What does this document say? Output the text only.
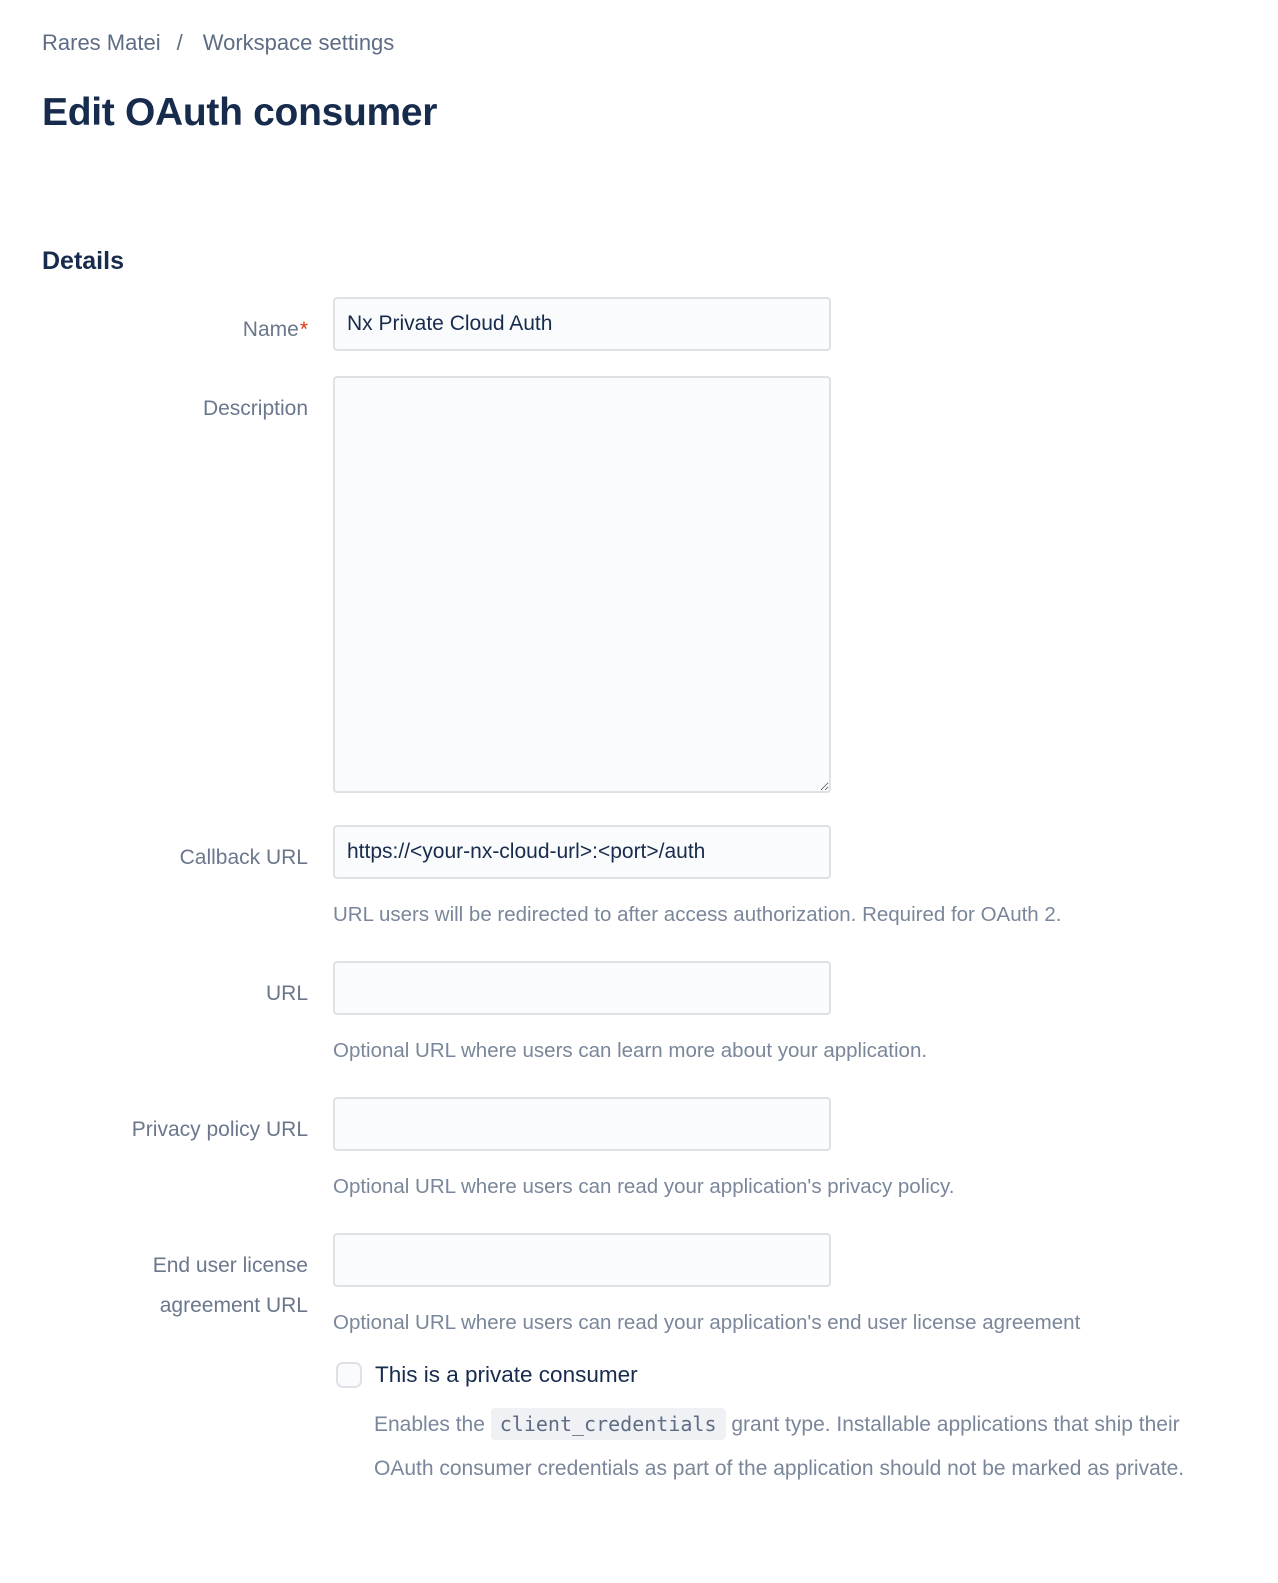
Rares Matei / Workspace settings
Edit OAuth consumer
Details
Name*
Nx Private Cloud Auth
Description
Callback URL
https://<your-nx-cloud-url>:<port>/auth

URL users will be redirected to after access authorization. Required for OAuth 2.

URL

Optional URL where users can learn more about your application.

Privacy policy URL

Optional URL where users can read your application's privacy policy.

End user license agreement URL

Optional URL where users can read your application's end user license agreement

This is a private consumer

Enables the client_credentials grant type. Installable applications that ship their OAuth consumer credentials as part of the application should not be marked as private.
